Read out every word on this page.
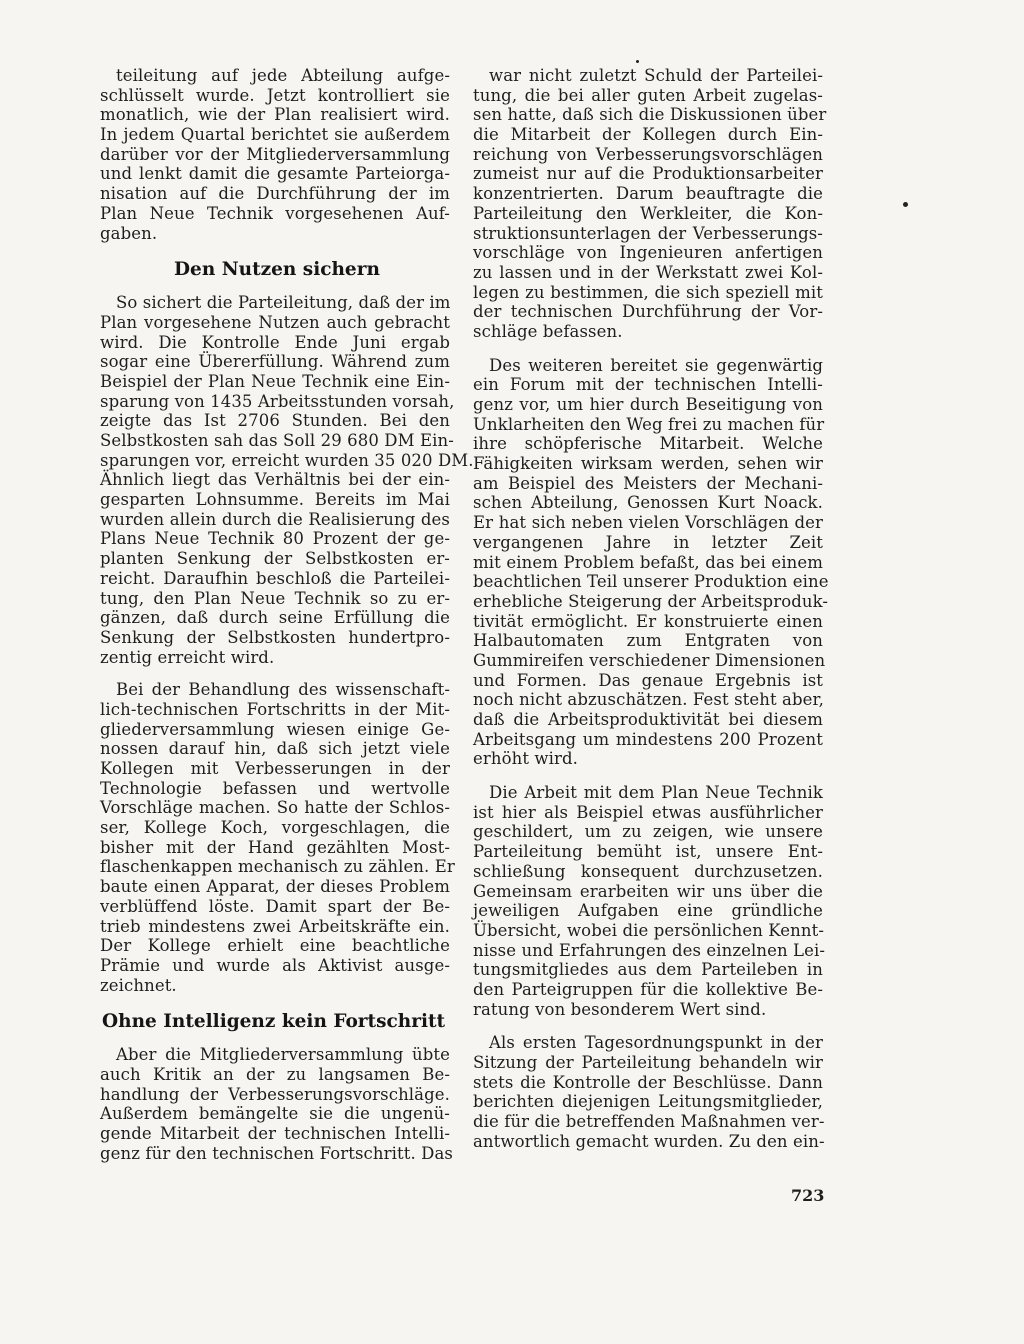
teileitung auf jede Abteilung aufge-
schlüsselt wurde. Jetzt kontrolliert sie
monatlich, wie der Plan realisiert wird.
In jedem Quartal berichtet sie außerdem
darüber vor der Mitgliederversammlung
und lenkt damit die gesamte Parteiorga-
nisation auf die Durchführung der im
Plan Neue Technik vorgesehenen Auf-
gaben.
Den Nutzen sichern
So sichert die Parteileitung, daß der im
Plan vorgesehene Nutzen auch gebracht
wird. Die Kontrolle Ende Juni ergab
sogar eine Übererfüllung. Während zum
Beispiel der Plan Neue Technik eine Ein-
sparung von 1435 Arbeitsstunden vorsah,
zeigte das Ist 2706 Stunden. Bei den
Selbstkosten sah das Soll 29 680 DM Ein-
sparungen vor, erreicht wurden 35 020 DM.
Ähnlich liegt das Verhältnis bei der ein-
gesparten Lohnsumme. Bereits im Mai
wurden allein durch die Realisierung des
Plans Neue Technik 80 Prozent der ge-
planten Senkung der Selbstkosten er-
reicht. Daraufhin beschloß die Parteilei-
tung, den Plan Neue Technik so zu er-
gänzen, daß durch seine Erfüllung die
Senkung der Selbstkosten hundertpro-
zentig erreicht wird.
Bei der Behandlung des wissenschaft-
lich-technischen Fortschritts in der Mit-
gliederversammlung wiesen einige Ge-
nossen darauf hin, daß sich jetzt viele
Kollegen mit Verbesserungen in der
Technologie befassen und wertvolle
Vorschläge machen. So hatte der Schlos-
ser, Kollege Koch, vorgeschlagen, die
bisher mit der Hand gezählten Most-
flaschenkappen mechanisch zu zählen. Er
baute einen Apparat, der dieses Problem
verblüffend löste. Damit spart der Be-
trieb mindestens zwei Arbeitskräfte ein.
Der Kollege erhielt eine beachtliche
Prämie und wurde als Aktivist ausge-
zeichnet.
Ohne Intelligenz kein Fortschritt
Aber die Mitgliederversammlung übte
auch Kritik an der zu langsamen Be-
handlung der Verbesserungsvorschläge.
Außerdem bemängelte sie die ungenü-
gende Mitarbeit der technischen Intelli-
genz für den technischen Fortschritt. Das
war nicht zuletzt Schuld der Parteilei-
tung, die bei aller guten Arbeit zugelas-
sen hatte, daß sich die Diskussionen über
die Mitarbeit der Kollegen durch Ein-
reichung von Verbesserungsvorschlägen
zumeist nur auf die Produktionsarbeiter
konzentrierten. Darum beauftragte die
Parteileitung den Werkleiter, die Kon-
struktionsunterlagen der Verbesserungs-
vorschläge von Ingenieuren anfertigen
zu lassen und in der Werkstatt zwei Kol-
legen zu bestimmen, die sich speziell mit
der technischen Durchführung der Vor-
schläge befassen.
Des weiteren bereitet sie gegenwärtig
ein Forum mit der technischen Intelli-
genz vor, um hier durch Beseitigung von
Unklarheiten den Weg frei zu machen für
ihre schöpferische Mitarbeit. Welche
Fähigkeiten wirksam werden, sehen wir
am Beispiel des Meisters der Mechani-
schen Abteilung, Genossen Kurt Noack.
Er hat sich neben vielen Vorschlägen der
vergangenen Jahre in letzter Zeit
mit einem Problem befaßt, das bei einem
beachtlichen Teil unserer Produktion eine
erhebliche Steigerung der Arbeitsproduk-
tivität ermöglicht. Er konstruierte einen
Halbautomaten zum Entgraten von
Gummireifen verschiedener Dimensionen
und Formen. Das genaue Ergebnis ist
noch nicht abzuschätzen. Fest steht aber,
daß die Arbeitsproduktivität bei diesem
Arbeitsgang um mindestens 200 Prozent
erhöht wird.
Die Arbeit mit dem Plan Neue Technik
ist hier als Beispiel etwas ausführlicher
geschildert, um zu zeigen, wie unsere
Parteileitung bemüht ist, unsere Ent-
schließung konsequent durchzusetzen.
Gemeinsam erarbeiten wir uns über die
jeweiligen Aufgaben eine gründliche
Übersicht, wobei die persönlichen Kennt-
nisse und Erfahrungen des einzelnen Lei-
tungsmitgliedes aus dem Parteileben in
den Parteigruppen für die kollektive Be-
ratung von besonderem Wert sind.
Als ersten Tagesordnungspunkt in der
Sitzung der Parteileitung behandeln wir
stets die Kontrolle der Beschlüsse. Dann
berichten diejenigen Leitungsmitglieder,
die für die betreffenden Maßnahmen ver-
antwortlich gemacht wurden. Zu den ein-
723
